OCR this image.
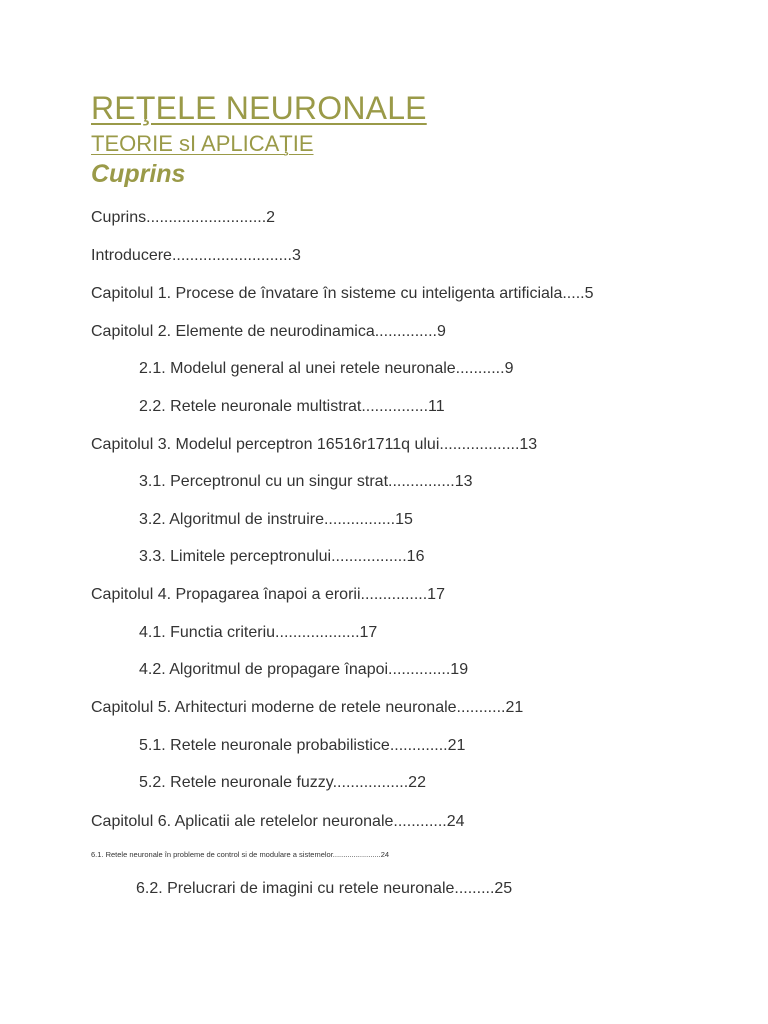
REŢELE NEURONALE
TEORIE sI APLICAŢIE
Cuprins
Cuprins...........................2
Introducere...........................3
Capitolul 1. Procese de învatare în sisteme cu inteligenta artificiala.....5
Capitolul 2. Elemente de neurodinamica..............9
2.1. Modelul general al unei retele neuronale...........9
2.2. Retele neuronale multistrat...............11
Capitolul 3. Modelul perceptron 16516r1711q ului..................13
3.1. Perceptronul cu un singur strat...............13
3.2. Algoritmul de instruire................15
3.3. Limitele perceptronului.................16
Capitolul 4. Propagarea înapoi a erorii...............17
4.1. Functia criteriu...................17
4.2. Algoritmul de propagare înapoi..............19
Capitolul 5. Arhitecturi moderne de retele neuronale...........21
5.1. Retele neuronale probabilistice.............21
5.2. Retele neuronale fuzzy.................22
Capitolul 6. Aplicatii ale retelelor neuronale............24
6.1. Retele neuronale în probleme de control si de modulare a sistemelor.......................24
6.2. Prelucrari de imagini cu retele neuronale.........25
